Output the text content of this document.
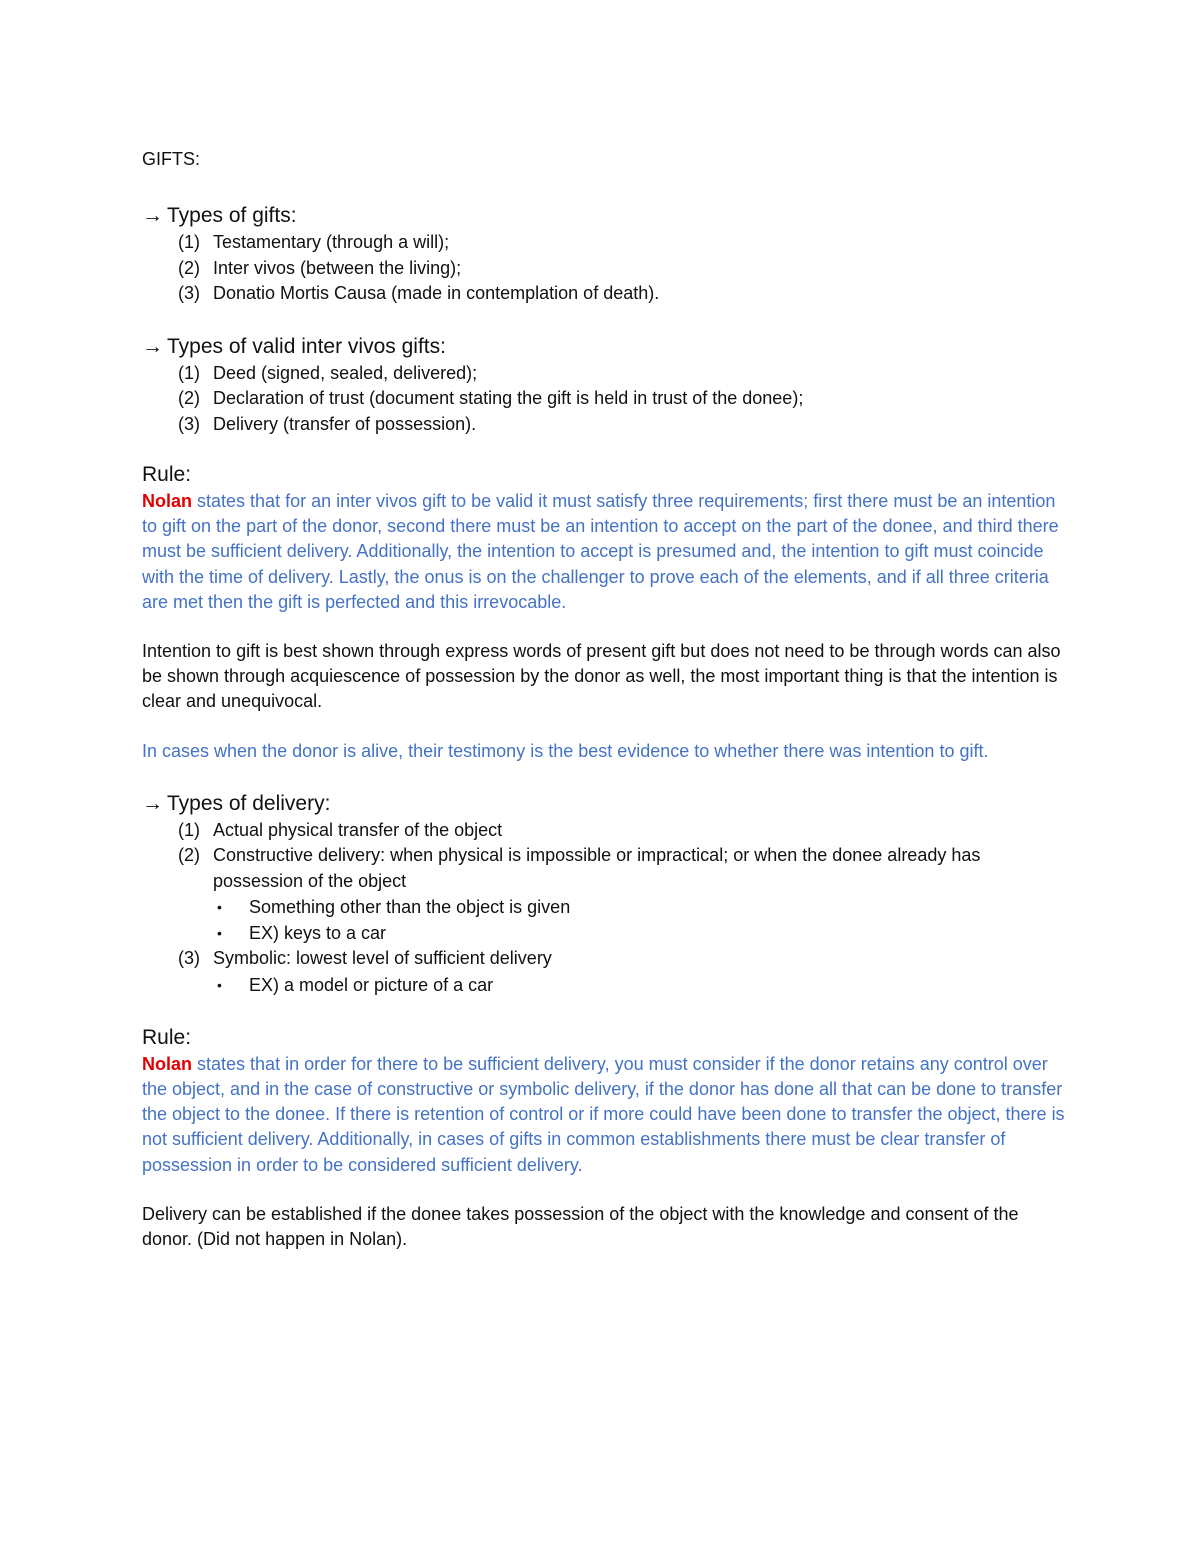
GIFTS:

→ Types of gifts:

(1) Testamentary (through a will);
(2) Inter vivos (between the living);
(3) Donatio Mortis Causa (made in contemplation of death).

→ Types of valid inter vivos gifts:

(1) Deed (signed, sealed, delivered);
(2) Declaration of trust (document stating the gift is held in trust of the donee);
(3) Delivery (transfer of possession).

Rule:

Nolan states that for an inter vivos gift to be valid it must satisfy three requirements; first there must be an intention to gift on the part of the donor, second there must be an intention to accept on the part of the donee, and third there must be sufficient delivery. Additionally, the intention to accept is presumed and, the intention to gift must coincide with the time of delivery. Lastly, the onus is on the challenger to prove each of the elements, and if all three criteria are met then the gift is perfected and this irrevocable.

Intention to gift is best shown through express words of present gift but does not need to be through words can also be shown through acquiescence of possession by the donor as well, the most important thing is that the intention is clear and unequivocal.

In cases when the donor is alive, their testimony is the best evidence to whether there was intention to gift.

→ Types of delivery:

(1) Actual physical transfer of the object
(2) Constructive delivery: when physical is impossible or impractical; or when the donee already has possession of the object
• Something other than the object is given
• EX) keys to a car
(3) Symbolic: lowest level of sufficient delivery
• EX) a model or picture of a car

Rule:

Nolan states that in order for there to be sufficient delivery, you must consider if the donor retains any control over the object, and in the case of constructive or symbolic delivery, if the donor has done all that can be done to transfer the object to the donee. If there is retention of control or if more could have been done to transfer the object, there is not sufficient delivery. Additionally, in cases of gifts in common establishments there must be clear transfer of possession in order to be considered sufficient delivery.

Delivery can be established if the donee takes possession of the object with the knowledge and consent of the donor. (Did not happen in Nolan).
